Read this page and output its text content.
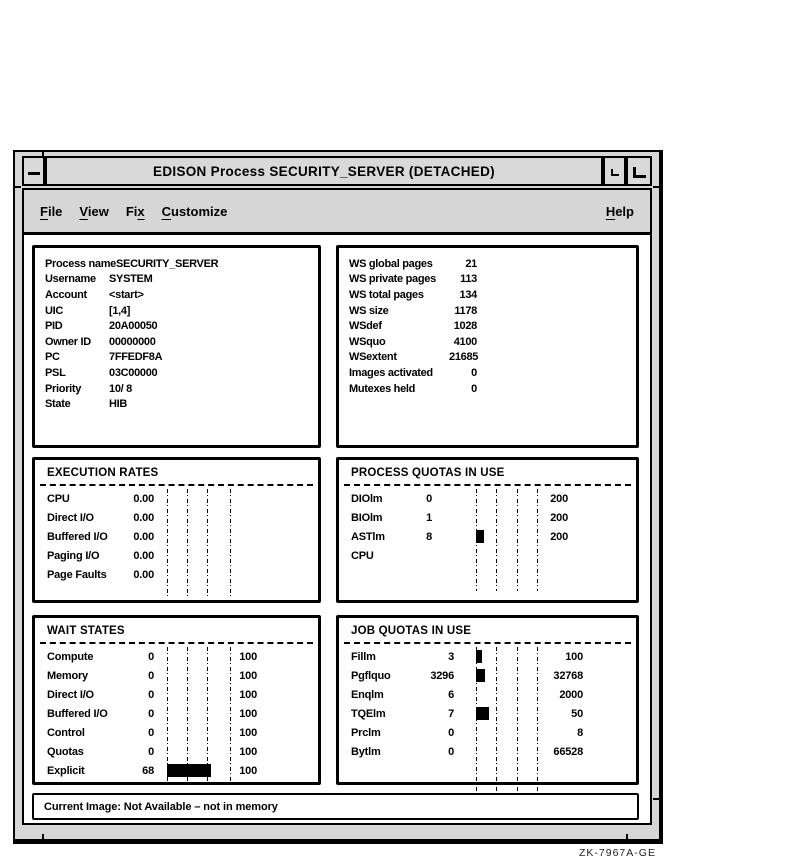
EDISON Process SECURITY_SERVER (DETACHED)
File View Fix Customize	Help
Process name SECURITY_SERVER
Username	SYSTEM
Account	<start>
UIC	[1,4]
PID	20A00050
Owner ID	00000000
PC	7FFEDF8A
PSL	03C00000
Priority	10/ 8
State	HIB
WS global pages	21
WS private pages	113
WS total pages	134
WS size	1178
WSdef	1028
WSquo	4100
WSextent	21685
Images activated	0
Mutexes held	0
EXECUTION RATES
CPU	0.00
Direct I/O	0.00
Buffered I/O	0.00
Paging I/O	0.00
Page Faults	0.00
PROCESS QUOTAS IN USE
DIOlm	0	200
BIOlm	1	200
ASTlm	8	200
CPU
WAIT STATES
Compute	0	100
Memory	0	100
Direct I/O	0	100
Buffered I/O	0	100
Control	0	100
Quotas	0	100
Explicit	68	100
JOB QUOTAS IN USE
Fillm	3	100
Pgflquo	3296	32768
Enqlm	6	2000
TQElm	7	50
Prclm	0	8
Bytlm	0	66528
Current Image: Not Available – not in memory
ZK-7967A-GE
